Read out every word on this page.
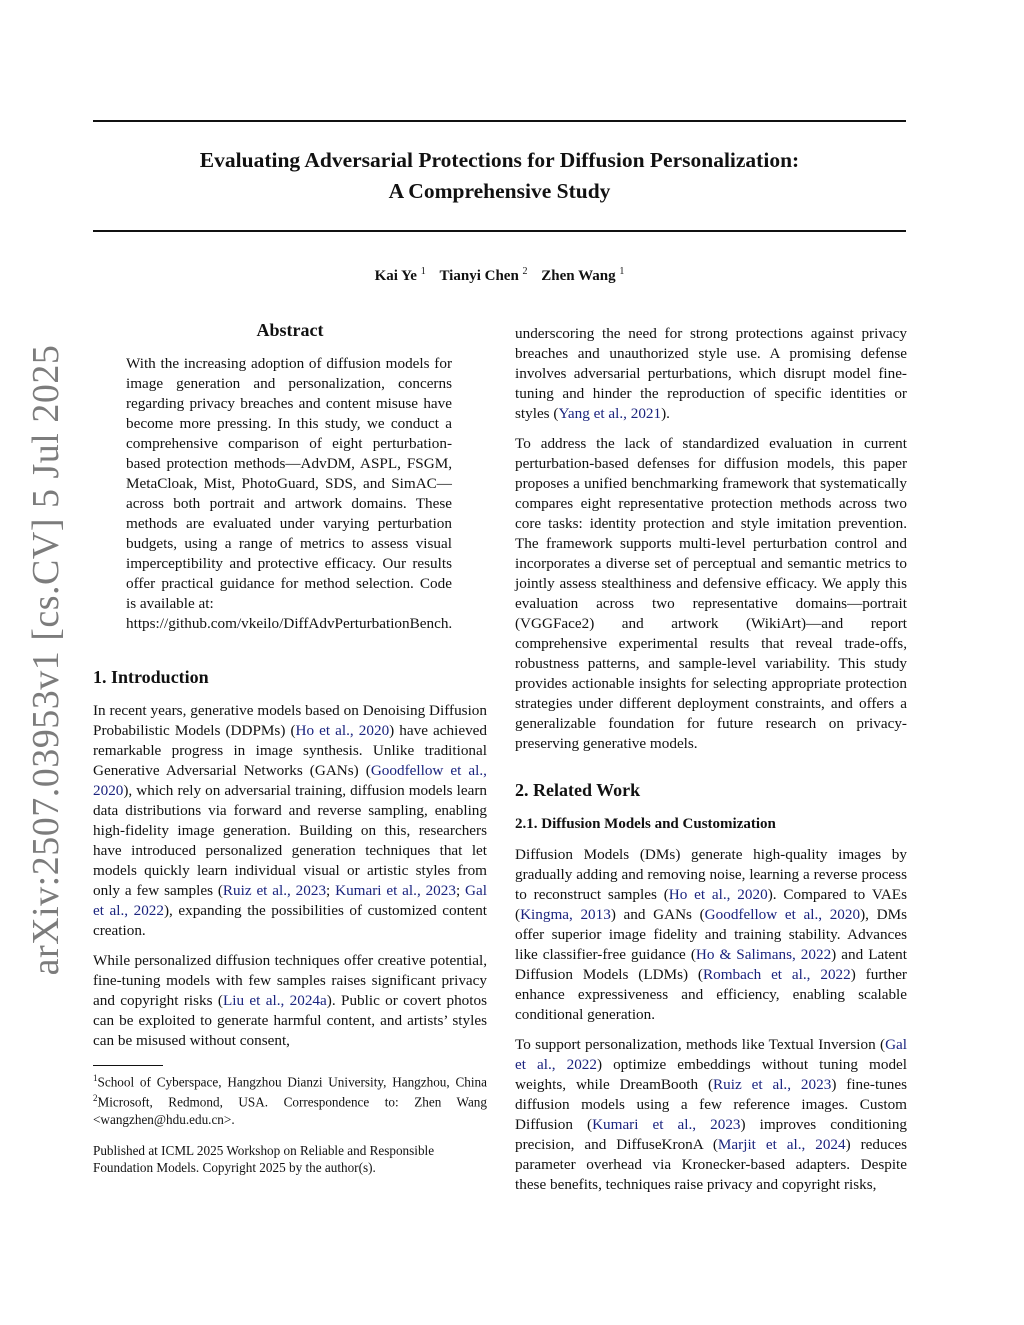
arXiv:2507.03953v1 [cs.CV] 5 Jul 2025
Evaluating Adversarial Protections for Diffusion Personalization:
A Comprehensive Study
Kai Ye $^1$ Tianyi Chen $^2$ Zhen Wang $^1$
Abstract

With the increasing adoption of diffusion models for image generation and personalization, concerns regarding privacy breaches and content misuse have become more pressing. In this study, we conduct a comprehensive comparison of eight perturbation-based protection methods—AdvDM, ASPL, FSGM, MetaCloak, Mist, PhotoGuard, SDS, and SimAC—across both portrait and artwork domains. These methods are evaluated under varying perturbation budgets, using a range of metrics to assess visual imperceptibility and protective efficacy. Our results offer practical guidance for method selection. Code is available at:

https://github.com/vkeilo/DiffAdvPerturbationBench.

1. Introduction

In recent years, generative models based on Denoising Diffusion Probabilistic Models (DDPMs) (Ho et al., 2020) have achieved remarkable progress in image synthesis. Unlike traditional Generative Adversarial Networks (GANs) (Goodfellow et al., 2020), which rely on adversarial training, diffusion models learn data distributions via forward and reverse sampling, enabling high-fidelity image generation. Building on this, researchers have introduced personalized generation techniques that let models quickly learn individual visual or artistic styles from only a few samples (Ruiz et al., 2023; Kumari et al., 2023; Gal et al., 2022), expanding the possibilities of customized content creation.

While personalized diffusion techniques offer creative potential, fine-tuning models with few samples raises significant privacy and copyright risks (Liu et al., 2024a). Public or covert photos can be exploited to generate harmful content, and artists’ styles can be misused without consent,

$^1$School of Cyberspace, Hangzhou Dianzi University, Hangzhou, China $^2$Microsoft, Redmond, USA. Correspondence to: Zhen Wang <wangzhen@hdu.edu.cn>.
Published at ICML 2025 Workshop on Reliable and Responsible Foundation Models. Copyright 2025 by the author(s).

underscoring the need for strong protections against privacy breaches and unauthorized style use. A promising defense involves adversarial perturbations, which disrupt model fine-tuning and hinder the reproduction of specific identities or styles (Yang et al., 2021).

To address the lack of standardized evaluation in current perturbation-based defenses for diffusion models, this paper proposes a unified benchmarking framework that systematically compares eight representative protection methods across two core tasks: identity protection and style imitation prevention. The framework supports multi-level perturbation control and incorporates a diverse set of perceptual and semantic metrics to jointly assess stealthiness and defensive efficacy. We apply this evaluation across two representative domains—portrait (VGGFace2) and artwork (WikiArt)—and report comprehensive experimental results that reveal trade-offs, robustness patterns, and sample-level variability. This study provides actionable insights for selecting appropriate protection strategies under different deployment constraints, and offers a generalizable foundation for future research on privacy-preserving generative models.

2. Related Work
2.1. Diffusion Models and Customization

Diffusion Models (DMs) generate high-quality images by gradually adding and removing noise, learning a reverse process to reconstruct samples (Ho et al., 2020). Compared to VAEs (Kingma, 2013) and GANs (Goodfellow et al., 2020), DMs offer superior image fidelity and training stability. Advances like classifier-free guidance (Ho & Salimans, 2022) and Latent Diffusion Models (LDMs) (Rombach et al., 2022) further enhance expressiveness and efficiency, enabling scalable conditional generation.

To support personalization, methods like Textual Inversion (Gal et al., 2022) optimize embeddings without tuning model weights, while DreamBooth (Ruiz et al., 2023) fine-tunes diffusion models using a few reference images. Custom Diffusion (Kumari et al., 2023) improves conditioning precision, and DiffuseKronA (Marjit et al., 2024) reduces parameter overhead via Kronecker-based adapters. Despite these benefits, techniques raise privacy and copyright risks,
